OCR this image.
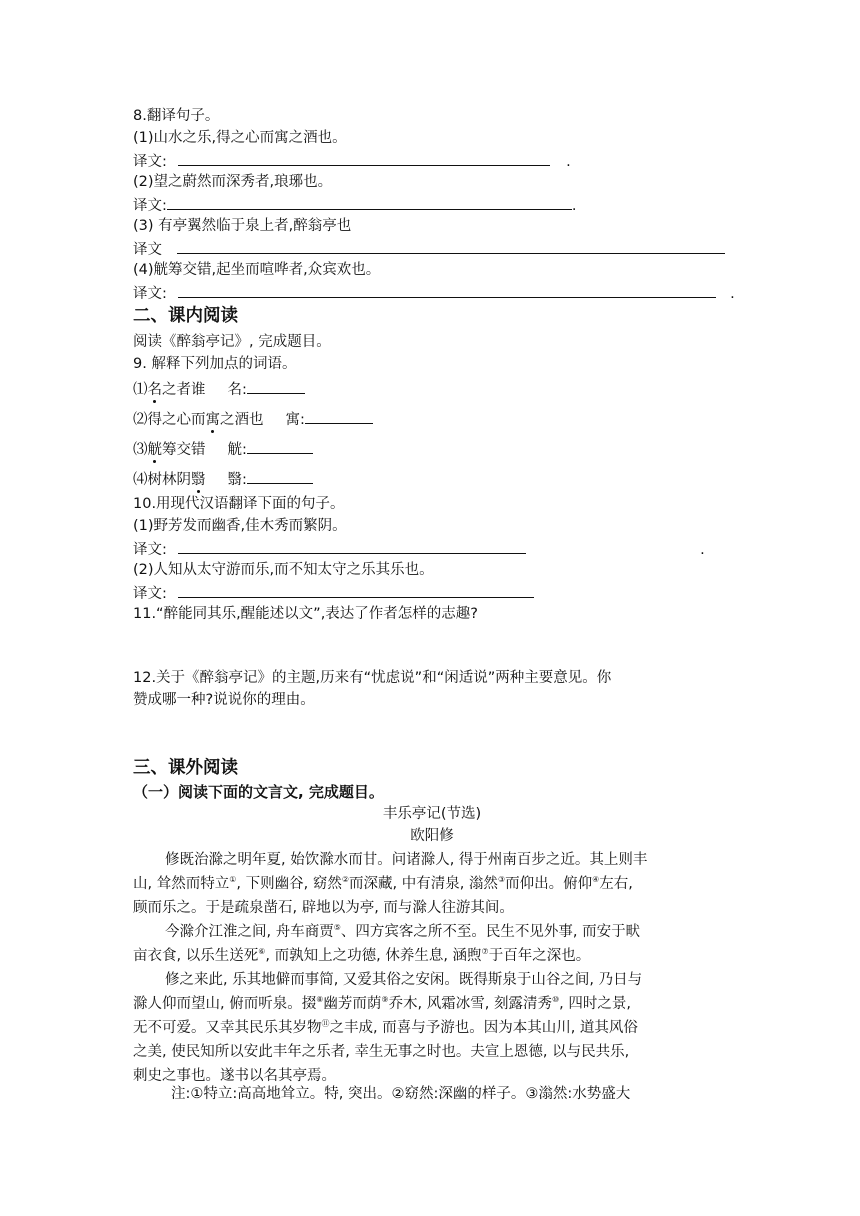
8.翻译句子。
(1)山水之乐,得之心而寓之酒也。
译文:	.
(2)望之蔚然而深秀者,琅琊也。
译文:	.
(3) 有亭翼然临于泉上者,醉翁亭也
译文
(4)觥筹交错,起坐而喧哗者,众宾欢也。
译文:	.
二、课内阅读
阅读《醉翁亭记》, 完成题目。
9. 解释下列加点的词语。
⑴名之者谁 名:
⑵得之心而寓之酒也 寓:
⑶觥筹交错 觥:
⑷树林阴翳 翳:
10.用现代汉语翻译下面的句子。
(1)野芳发而幽香,佳木秀而繁阴。
译文:	.
(2)人知从太守游而乐,而不知太守之乐其乐也。
译文:
11.“醉能同其乐,醒能述以文”,表达了作者怎样的志趣?
12.关于《醉翁亭记》的主题,历来有“忧虑说”和“闲适说”两种主要意见。你
赞成哪一种?说说你的理由。
三、课外阅读
（一）阅读下面的文言文, 完成题目。
丰乐亭记(节选)
欧阳修
修既治滁之明年夏, 始饮滁水而甘。问诸滁人, 得于州南百步之近。其上则丰
山, 耸然而特立①, 下则幽谷, 窈然②而深藏, 中有清泉, 滃然③而仰出。俯仰④左右,
顾而乐之。于是疏泉凿石, 辟地以为亭, 而与滁人往游其间。
今滁介江淮之间, 舟车商贾⑤、四方宾客之所不至。民生不见外事, 而安于畎
亩衣食, 以乐生送死⑥, 而孰知上之功德, 休养生息, 涵煦⑦于百年之深也。
修之来此, 乐其地僻而事简, 又爱其俗之安闲。既得斯泉于山谷之间, 乃日与
滁人仰而望山, 俯而听泉。掇⑧幽芳而荫⑨乔木, 风霜冰雪, 刻露清秀⑩, 四时之景,
无不可爱。又幸其民乐其岁物⑪之丰成, 而喜与予游也。因为本其山川, 道其风俗
之美, 使民知所以安此丰年之乐者, 幸生无事之时也。夫宣上恩德, 以与民共乐,
刺史之事也。遂书以名其亭焉。
注:①特立:高高地耸立。特, 突出。②窈然:深幽的样子。③滃然:水势盛大
